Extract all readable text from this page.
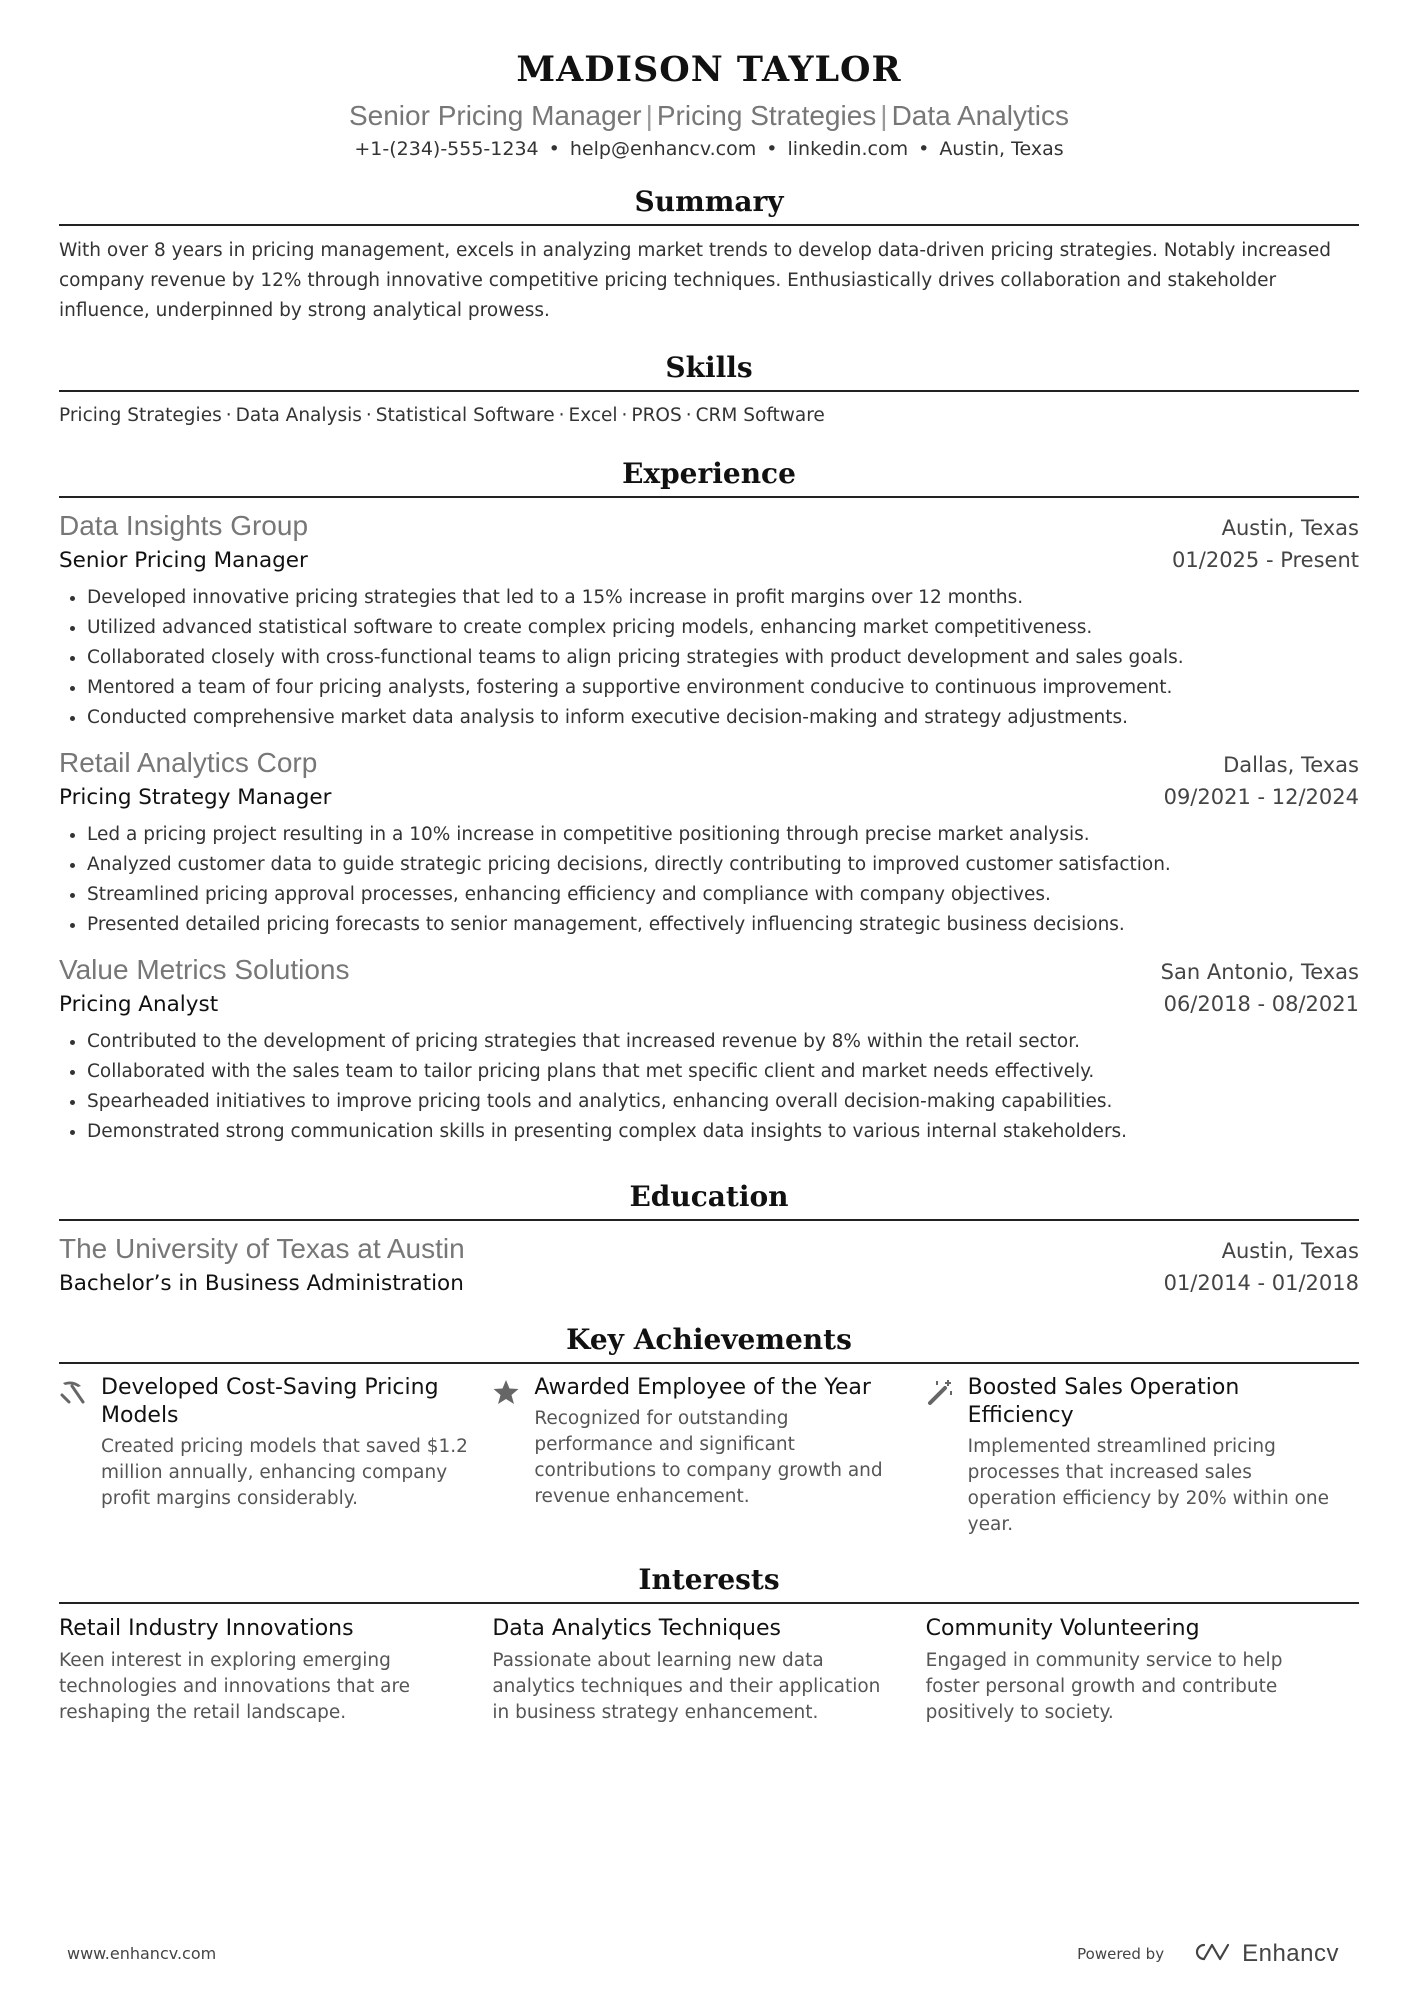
MADISON TAYLOR
Senior Pricing Manager | Pricing Strategies | Data Analytics
+1-(234)-555-1234 • help@enhancv.com • linkedin.com • Austin, Texas
Summary

With over 8 years in pricing management, excels in analyzing market trends to develop data-driven pricing strategies. Notably increased company revenue by 12% through innovative competitive pricing techniques. Enthusiastically drives collaboration and stakeholder influence, underpinned by strong analytical prowess.

Skills
Pricing Strategies · Data Analysis · Statistical Software · Excel · PROS · CRM Software
Experience
Data Insights Group	Austin, Texas
Senior Pricing Manager	01/2025 - Present
• Developed innovative pricing strategies that led to a 15% increase in profit margins over 12 months.
• Utilized advanced statistical software to create complex pricing models, enhancing market competitiveness.
• Collaborated closely with cross-functional teams to align pricing strategies with product development and sales goals.
• Mentored a team of four pricing analysts, fostering a supportive environment conducive to continuous improvement.
• Conducted comprehensive market data analysis to inform executive decision-making and strategy adjustments.
Retail Analytics Corp	Dallas, Texas
Pricing Strategy Manager	09/2021 - 12/2024
• Led a pricing project resulting in a 10% increase in competitive positioning through precise market analysis.
• Analyzed customer data to guide strategic pricing decisions, directly contributing to improved customer satisfaction.
• Streamlined pricing approval processes, enhancing efficiency and compliance with company objectives.
• Presented detailed pricing forecasts to senior management, effectively influencing strategic business decisions.
Value Metrics Solutions	San Antonio, Texas
Pricing Analyst	06/2018 - 08/2021
• Contributed to the development of pricing strategies that increased revenue by 8% within the retail sector.
• Collaborated with the sales team to tailor pricing plans that met specific client and market needs effectively.
• Spearheaded initiatives to improve pricing tools and analytics, enhancing overall decision-making capabilities.
• Demonstrated strong communication skills in presenting complex data insights to various internal stakeholders.
Education
The University of Texas at Austin	Austin, Texas
Bachelor’s in Business Administration	01/2014 - 01/2018
Key Achievements
Developed Cost-Saving Pricing Models
Created pricing models that saved $1.2 million annually, enhancing company profit margins considerably.
Awarded Employee of the Year
Recognized for outstanding performance and significant contributions to company growth and revenue enhancement.
Boosted Sales Operation Efficiency
Implemented streamlined pricing processes that increased sales operation efficiency by 20% within one year.
Interests
Retail Industry Innovations
Keen interest in exploring emerging technologies and innovations that are reshaping the retail landscape.
Data Analytics Techniques
Passionate about learning new data analytics techniques and their application in business strategy enhancement.
Community Volunteering
Engaged in community service to help foster personal growth and contribute positively to society.
www.enhancv.com	Powered by	Enhancv
